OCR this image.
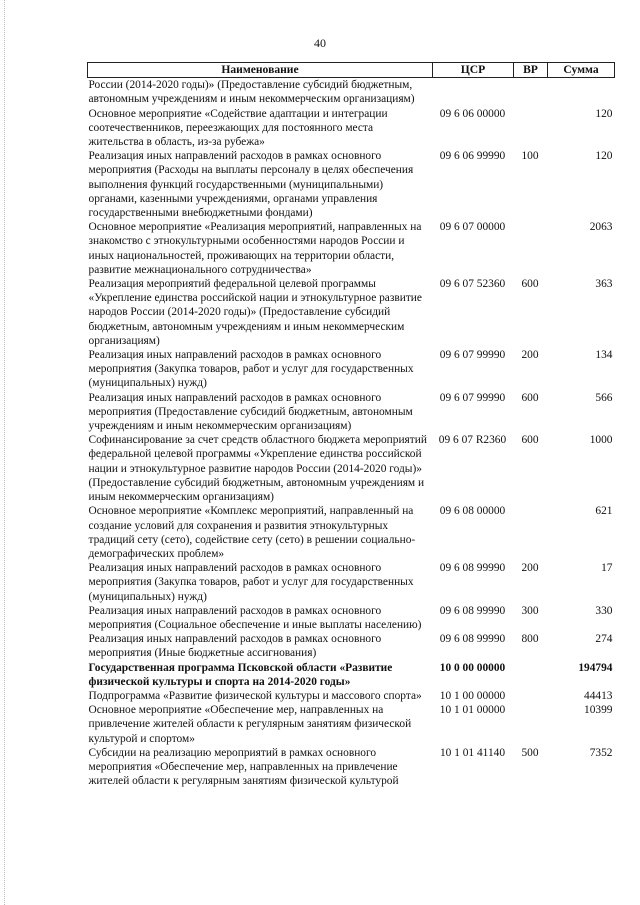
40
Наименование	ЦСР	ВР	Сумма
России (2014-2020 годы)» (Предоставление субсидий бюджетным, автономным учреждениям и иным некоммерческим организациям)			
Основное мероприятие «Содействие адаптации и интеграции соотечественников, переезжающих для постоянного места жительства в область, из-за рубежа»	09 6 06 00000		120
Реализация иных направлений расходов в рамках основного мероприятия (Расходы на выплаты персоналу в целях обеспечения выполнения функций государственными (муниципальными) органами, казенными учреждениями, органами управления государственными внебюджетными фондами)	09 6 06 99990	100	120
Основное мероприятие «Реализация мероприятий, направленных на знакомство с этнокультурными особенностями народов России и иных национальностей, проживающих на территории области, развитие межнационального сотрудничества»	09 6 07 00000		2063
Реализация мероприятий федеральной целевой программы «Укрепление единства российской нации и этнокультурное развитие народов России (2014-2020 годы)» (Предоставление субсидий бюджетным, автономным учреждениям и иным некоммерческим организациям)	09 6 07 52360	600	363
Реализация иных направлений расходов в рамках основного мероприятия (Закупка товаров, работ и услуг для государственных (муниципальных) нужд)	09 6 07 99990	200	134
Реализация иных направлений расходов в рамках основного мероприятия (Предоставление субсидий бюджетным, автономным учреждениям и иным некоммерческим организациям)	09 6 07 99990	600	566
Софинансирование за счет средств областного бюджета мероприятий федеральной целевой программы «Укрепление единства российской нации и этнокультурное развитие народов России (2014-2020 годы)» (Предоставление субсидий бюджетным, автономным учреждениям и иным некоммерческим организациям)	09 6 07 R2360	600	1000
Основное мероприятие «Комплекс мероприятий, направленный на создание условий для сохранения и развития этнокультурных традиций сету (сето), содействие сету (сето) в решении социально-демографических проблем»	09 6 08 00000		621
Реализация иных направлений расходов в рамках основного мероприятия (Закупка товаров, работ и услуг для государственных (муниципальных) нужд)	09 6 08 99990	200	17
Реализация иных направлений расходов в рамках основного мероприятия (Социальное обеспечение и иные выплаты населению)	09 6 08 99990	300	330
Реализация иных направлений расходов в рамках основного мероприятия (Иные бюджетные ассигнования)	09 6 08 99990	800	274
Государственная программа Псковской области «Развитие физической культуры и спорта на 2014-2020 годы»	10 0 00 00000		194794
Подпрограмма «Развитие физической культуры и массового спорта»	10 1 00 00000		44413
Основное мероприятие «Обеспечение мер, направленных на привлечение жителей области к регулярным занятиям физической культурой и спортом»	10 1 01 00000		10399
Субсидии на реализацию мероприятий в рамках основного мероприятия «Обеспечение мер, направленных на привлечение жителей области к регулярным занятиям физической культурой	10 1 01 41140	500	7352
